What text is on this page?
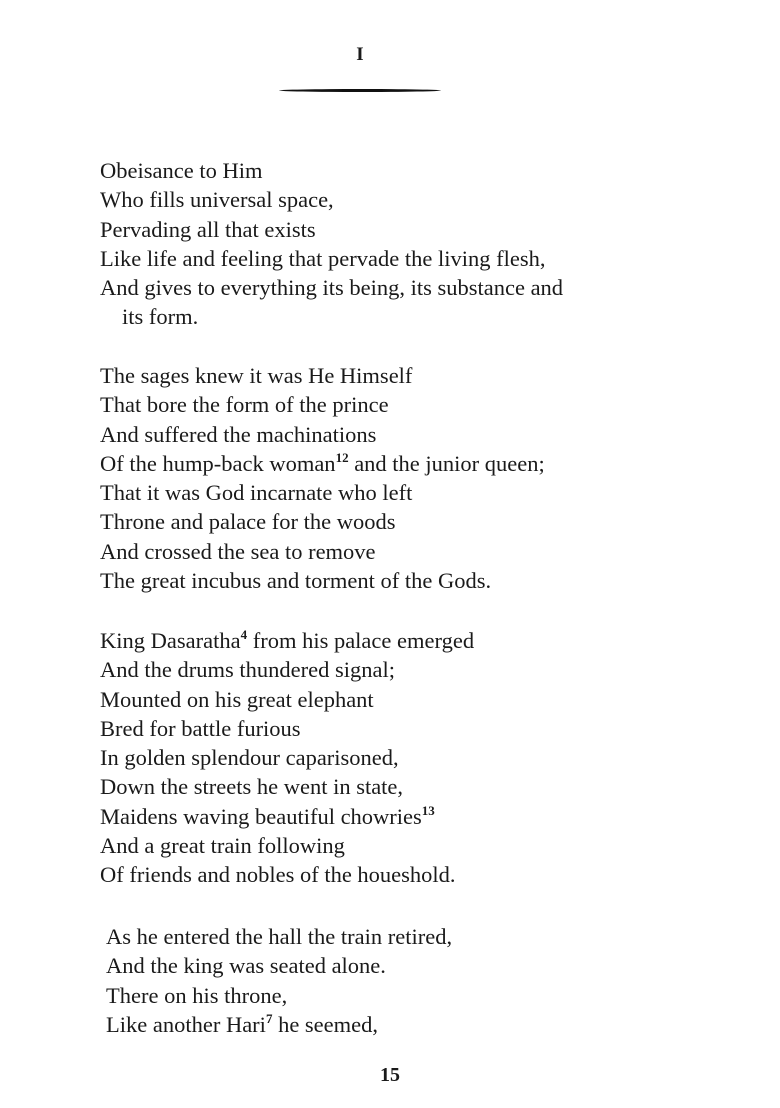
I
Obeisance to Him
Who fills universal space,
Pervading all that exists
Like life and feeling that pervade the living flesh,
And gives to everything its being, its substance and
its form.
The sages knew it was He Himself
That bore the form of the prince
And suffered the machinations
Of the hump-back woman$^{12}$ and the junior queen;
That it was God incarnate who left
Throne and palace for the woods
And crossed the sea to remove
The great incubus and torment of the Gods.
King Dasaratha$^4$ from his palace emerged
And the drums thundered signal;
Mounted on his great elephant
Bred for battle furious
In golden splendour caparisoned,
Down the streets he went in state,
Maidens waving beautiful chowries$^{13}$
And a great train following
Of friends and nobles of the houeshold.
As he entered the hall the train retired,
And the king was seated alone.
There on his throne,
Like another Hari$^7$ he seemed,
15
